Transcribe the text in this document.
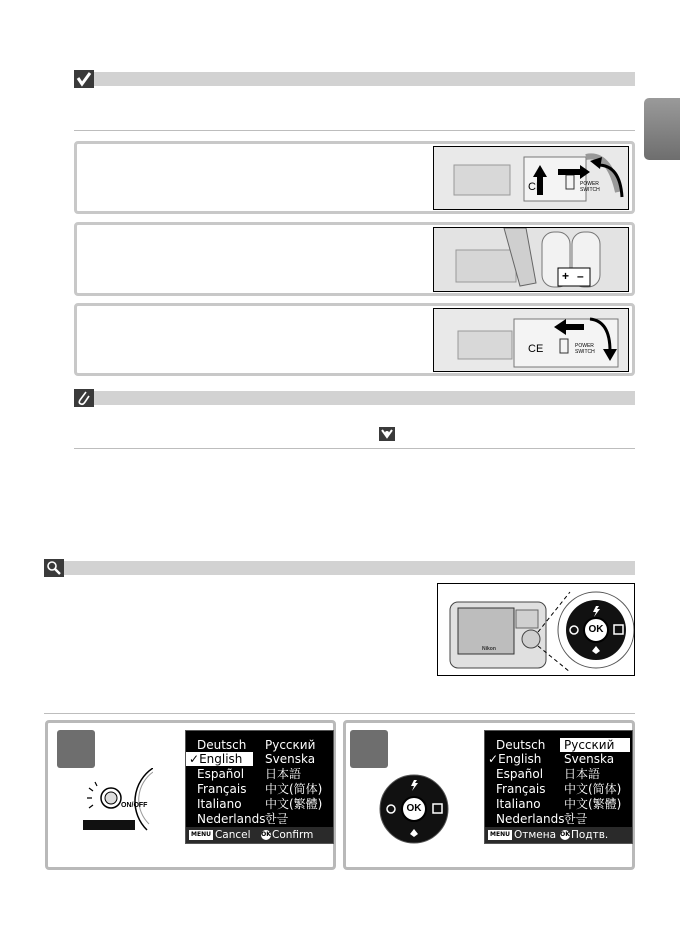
CE	POWER SWITCH
+ –
CE	POWER SWITCH
Nikon
OK
ON/OFF
Deutsch
✓English
Español
Français
Italiano
Nederlands
Русский
Svenska
日本語
中文(简体)
中文(繁體)
한글
MENU Cancel OKConfirm
OK
Deutsch
✓English
Español
Français
Italiano
Nederlands
Русский
Svenska
日本語
中文(简体)
中文(繁體)
한글
MENU Отмена OKПодтв.
